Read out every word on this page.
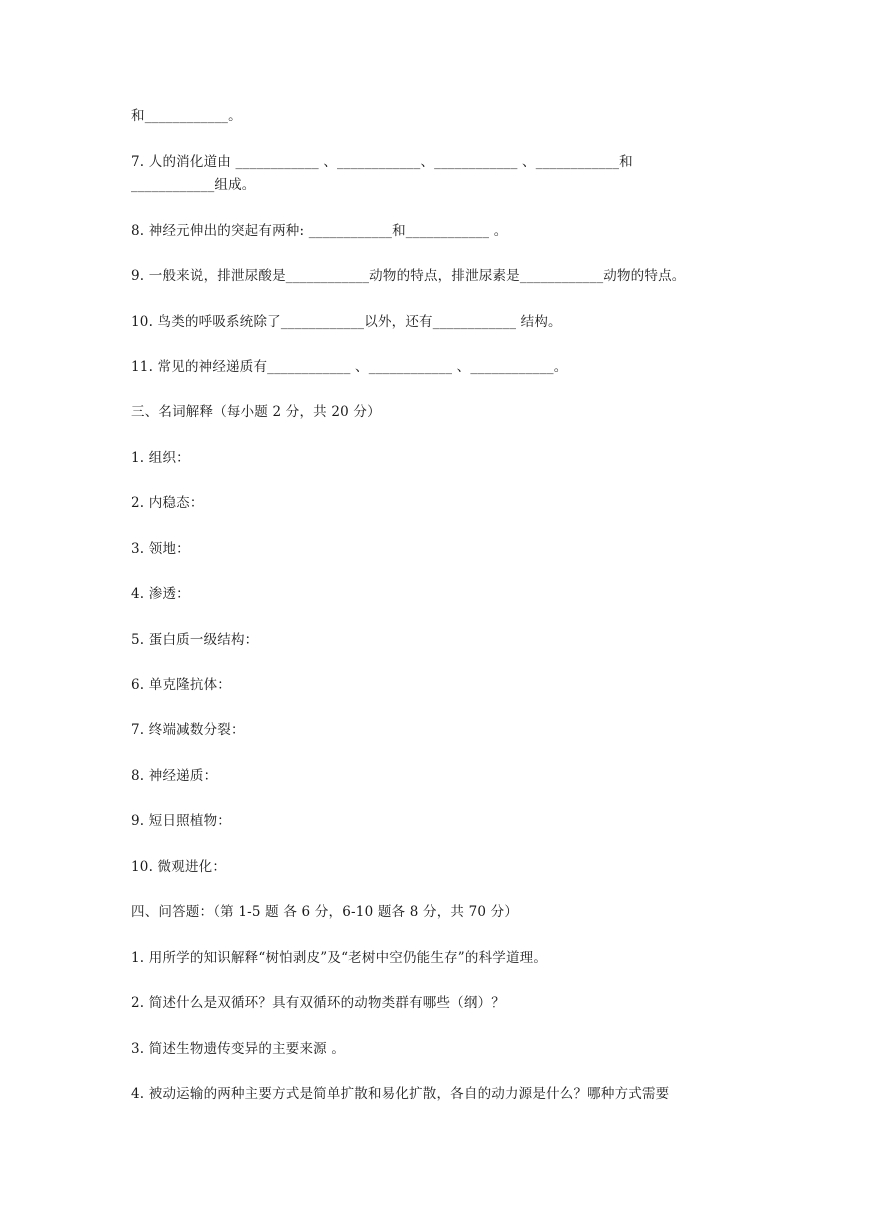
和____________。
7. 人的消化道由 ____________ 、____________、____________ 、____________和
____________组成。
8. 神经元伸出的突起有两种: ____________和____________ 。
9. 一般来说，排泄尿酸是____________动物的特点，排泄尿素是____________动物的特点。
10. 鸟类的呼吸系统除了____________以外，还有____________ 结构。
11. 常见的神经递质有____________ 、____________ 、____________。
三、名词解释（每小题 2 分，共 20 分）
1. 组织：
2. 内稳态：
3. 领地：
4. 渗透：
5. 蛋白质一级结构：
6. 单克隆抗体：
7. 终端减数分裂：
8. 神经递质：
9. 短日照植物：
10. 微观进化：
四、问答题：（第 1-5 题 各 6 分，6-10 题各 8 分，共 70 分）
1. 用所学的知识解释“树怕剥皮”及“老树中空仍能生存”的科学道理。
2. 简述什么是双循环？具有双循环的动物类群有哪些（纲）？
3. 简述生物遗传变异的主要来源 。
4. 被动运输的两种主要方式是简单扩散和易化扩散，各自的动力源是什么？哪种方式需要
